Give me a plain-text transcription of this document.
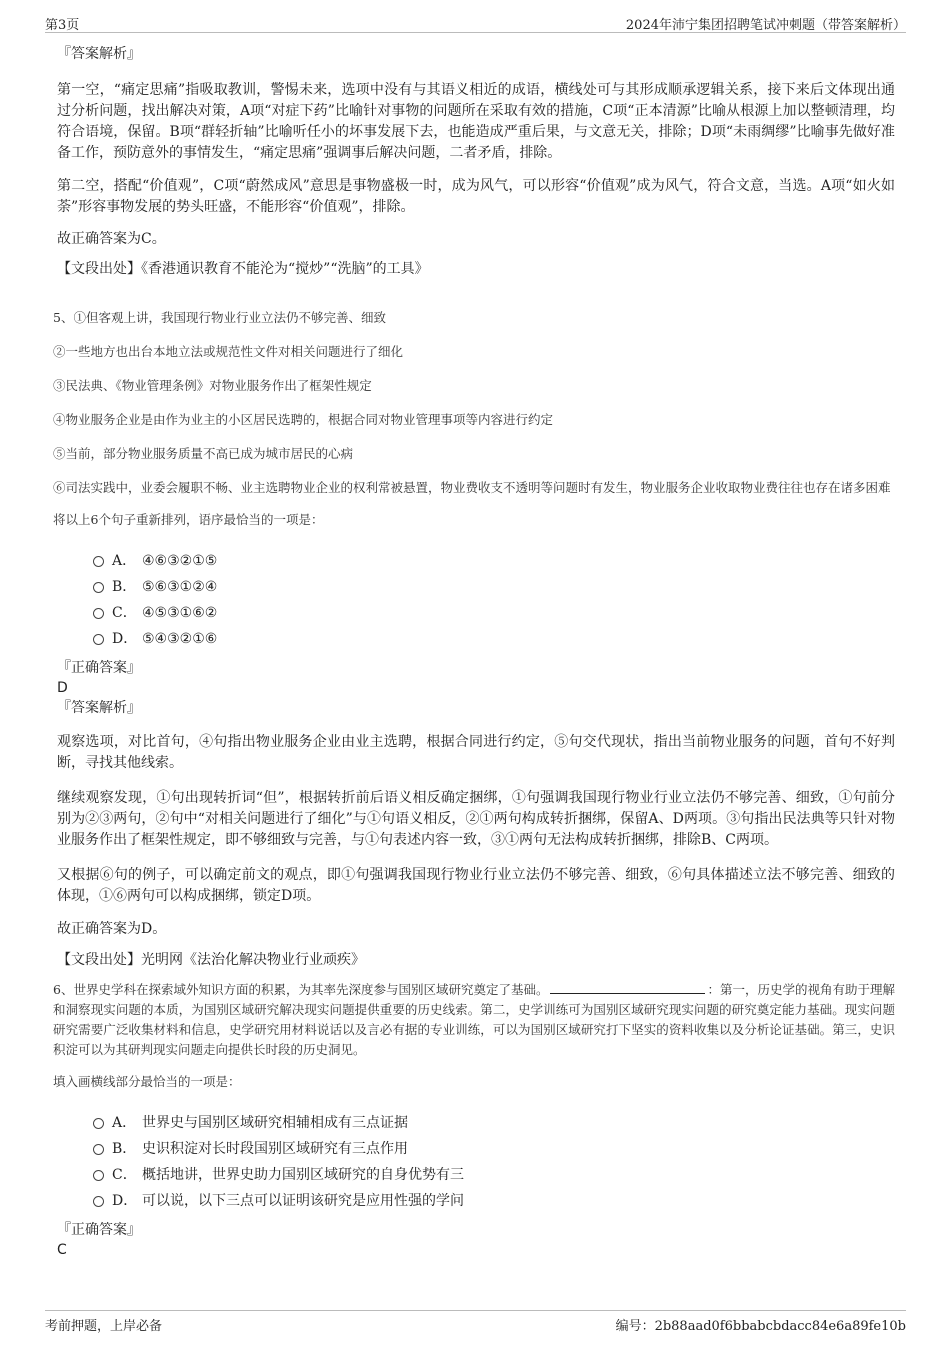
第3页	2024年沛宁集团招聘笔试冲刺题（带答案解析）

『答案解析』

第一空，“痛定思痛”指吸取教训，警惕未来，选项中没有与其语义相近的成语，横线处可与其形成顺承逻辑关系，接下来后文体现出通过分析问题，找出解决对策，A项“对症下药”比喻针对事物的问题所在采取有效的措施，C项“正本清源”比喻从根源上加以整顿清理，均符合语境，保留。B项“群轻折轴”比喻听任小的坏事发展下去，也能造成严重后果，与文意无关，排除；D项“未雨绸缪”比喻事先做好准备工作，预防意外的事情发生，“痛定思痛”强调事后解决问题，二者矛盾，排除。

第二空，搭配“价值观”，C项“蔚然成风”意思是事物盛极一时，成为风气，可以形容“价值观”成为风气，符合文意，当选。A项“如火如荼”形容事物发展的势头旺盛，不能形容“价值观”，排除。

故正确答案为C。

【文段出处】《香港通识教育不能沦为“搅炒”“洗脑”的工具》

5、①但客观上讲，我国现行物业行业立法仍不够完善、细致

②一些地方也出台本地立法或规范性文件对相关问题进行了细化

③民法典、《物业管理条例》对物业服务作出了框架性规定

④物业服务企业是由作为业主的小区居民选聘的，根据合同对物业管理事项等内容进行约定

⑤当前，部分物业服务质量不高已成为城市居民的心病

⑥司法实践中，业委会履职不畅、业主选聘物业企业的权利常被悬置，物业费收支不透明等问题时有发生，物业服务企业收取物业费往往也存在诸多困难

将以上6个句子重新排列，语序最恰当的一项是：

A． ④⑥③②①⑤
B． ⑤⑥③①②④
C． ④⑤③①⑥②
D． ⑤④③②①⑥

『正确答案』

D

『答案解析』

观察选项，对比首句，④句指出物业服务企业由业主选聘，根据合同进行约定，⑤句交代现状，指出当前物业服务的问题，首句不好判断，寻找其他线索。

继续观察发现，①句出现转折词“但”，根据转折前后语义相反确定捆绑，①句强调我国现行物业行业立法仍不够完善、细致，①句前分别为②③两句，②句中“对相关问题进行了细化”与①句语义相反，②①两句构成转折捆绑，保留A、D两项。③句指出民法典等只针对物业服务作出了框架性规定，即不够细致与完善，与①句表述内容一致，③①两句无法构成转折捆绑，排除B、C两项。

又根据⑥句的例子，可以确定前文的观点，即①句强调我国现行物业行业立法仍不够完善、细致，⑥句具体描述立法不够完善、细致的体现，①⑥两句可以构成捆绑，锁定D项。

故正确答案为D。

【文段出处】光明网《法治化解决物业行业顽疾》

6、世界史学科在探索域外知识方面的积累，为其率先深度参与国别区域研究奠定了基础。	：第一，历史学的视角有助于理解和洞察现实问题的本质，为国别区域研究解决现实问题提供重要的历史线索。第二，史学训练可为国别区域研究现实问题的研究奠定能力基础。现实问题研究需要广泛收集材料和信息，史学研究用材料说话以及言必有据的专业训练，可以为国别区域研究打下坚实的资料收集以及分析论证基础。第三，史识积淀可以为其研判现实问题走向提供长时段的历史洞见。

填入画横线部分最恰当的一项是：

A． 世界史与国别区域研究相辅相成有三点证据
B． 史识积淀对长时段国别区域研究有三点作用
C． 概括地讲，世界史助力国别区域研究的自身优势有三
D． 可以说，以下三点可以证明该研究是应用性强的学问

『正确答案』

C

考前押题，上岸必备	编号：2b88aad0f6bbabcbdacc84e6a89fe10b
